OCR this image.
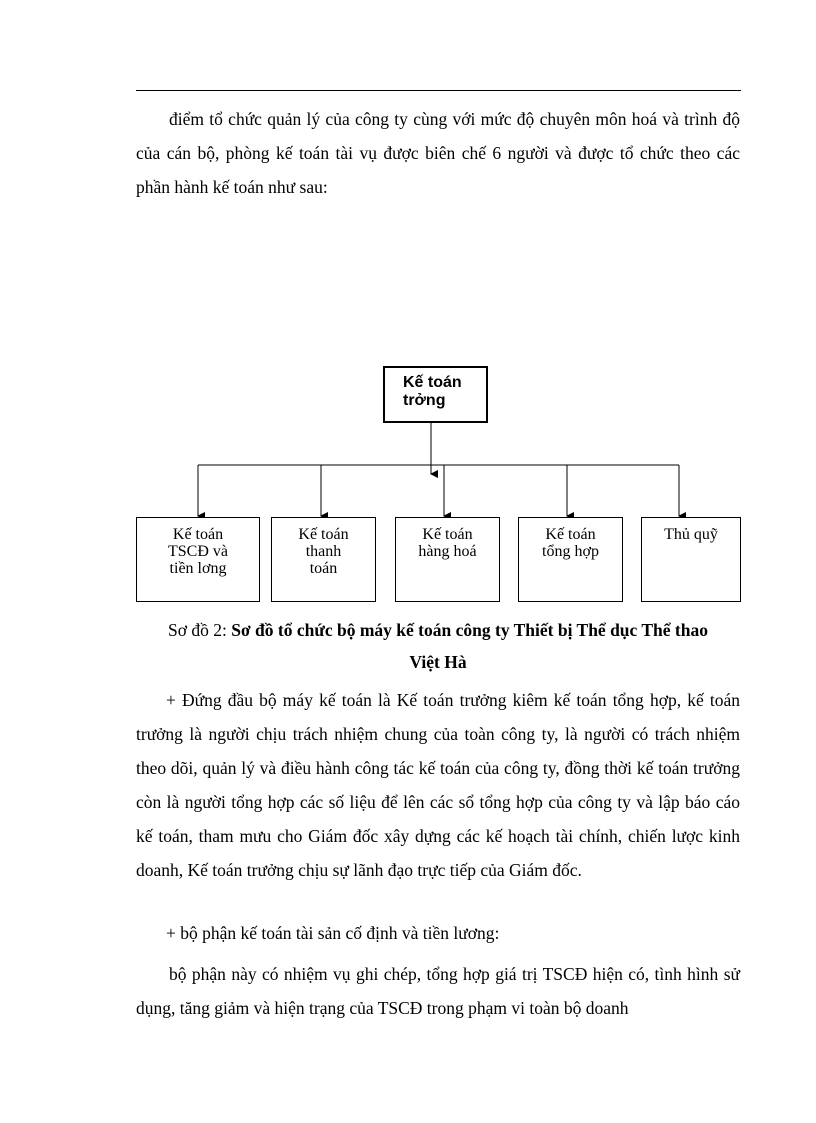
điểm tổ chức quản lý của công ty cùng với mức độ chuyên môn hoá và trình độ của cán bộ, phòng kế toán tài vụ được biên chế 6 người và được tổ chức theo các phần hành kế toán như sau:

Kế toán
trởng
Kế toán
TSCĐ và
tiền lơng
Kế toán
thanh
toán
Kế toán
hàng hoá
Kế toán
tổng hợp
Thủ quỹ

Sơ đồ 2: Sơ đồ tổ chức bộ máy kế toán công ty Thiết bị Thể dục Thể thao
Việt Hà

+ Đứng đầu bộ máy kế toán là Kế toán trưởng kiêm kế toán tổng hợp, kế toán trưởng là người chịu trách nhiệm chung của toàn công ty, là người có trách nhiệm theo dõi, quản lý và điều hành công tác kế toán của công ty, đồng thời kế toán trưởng còn là người tổng hợp các số liệu để lên các sổ tổng hợp của công ty và lập báo cáo kế toán, tham mưu cho Giám đốc xây dựng các kế hoạch tài chính, chiến lược kinh doanh, Kế toán trưởng chịu sự lãnh đạo trực tiếp của Giám đốc.

+ bộ phận kế toán tài sản cố định và tiền lương:

bộ phận này có nhiệm vụ ghi chép, tổng hợp giá trị TSCĐ hiện có, tình hình sử dụng, tăng giảm và hiện trạng của TSCĐ trong phạm vi toàn bộ doanh
